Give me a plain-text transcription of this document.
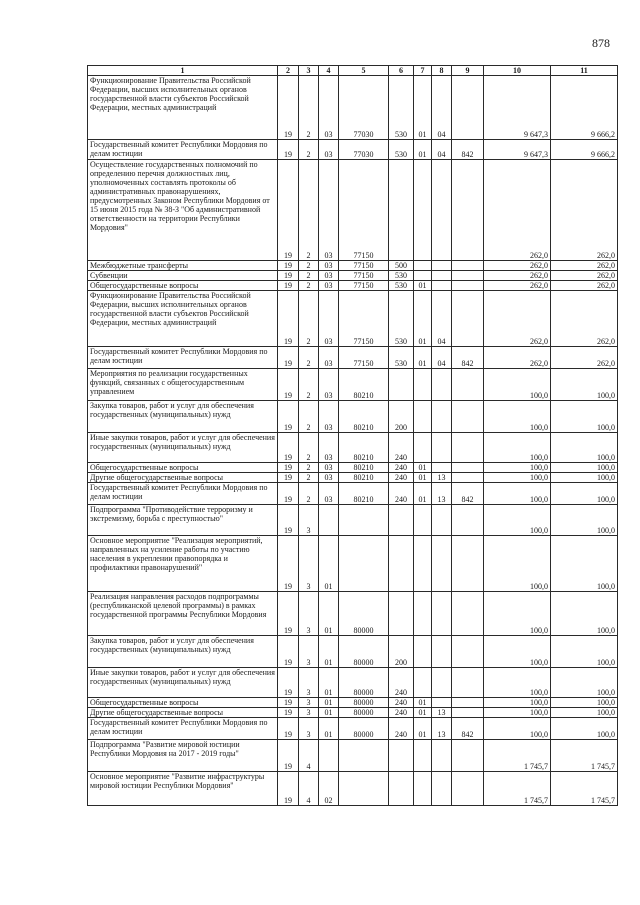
878
1	2	3	4	5	6	7	8	9	10	11
Функционирование Правительства Российской Федерации, высших исполнительных органов государственной власти субъектов Российской Федерации, местных администраций	19	2	03	77030	530	01	04		9 647,3	9 666,2
Государственный комитет Республики Мордовия по делам юстиции	19	2	03	77030	530	01	04	842	9 647,3	9 666,2
Осуществление государственных полномочий по определению перечня должностных лиц, уполномоченных составлять протоколы об административных правонарушениях, предусмотренных Законом Республики Мордовия от 15 июня 2015 года № 38-З "Об административной ответственности на территории Республики Мордовия"	19	2	03	77150					262,0	262,0
Межбюджетные трансферты	19	2	03	77150	500				262,0	262,0
Субвенции	19	2	03	77150	530				262,0	262,0
Общегосударственные вопросы	19	2	03	77150	530	01			262,0	262,0
Функционирование Правительства Российской Федерации, высших исполнительных органов государственной власти субъектов Российской Федерации, местных администраций	19	2	03	77150	530	01	04		262,0	262,0
Государственный комитет Республики Мордовия по делам юстиции	19	2	03	77150	530	01	04	842	262,0	262,0
Мероприятия по реализации государственных функций, связанных с общегосударственным управлением	19	2	03	80210					100,0	100,0
Закупка товаров, работ и услуг для обеспечения государственных (муниципальных) нужд	19	2	03	80210	200				100,0	100,0
Иные закупки товаров, работ и услуг для обеспечения государственных (муниципальных) нужд	19	2	03	80210	240				100,0	100,0
Общегосударственные вопросы	19	2	03	80210	240	01			100,0	100,0
Другие общегосударственные вопросы	19	2	03	80210	240	01	13		100,0	100,0
Государственный комитет Республики Мордовия по делам юстиции	19	2	03	80210	240	01	13	842	100,0	100,0
Подпрограмма "Противодействие терроризму и экстремизму, борьба с преступностью"	19	3							100,0	100,0
Основное мероприятие "Реализация мероприятий, направленных на усиление работы по участию населения в укреплении правопорядка и профилактики правонарушений"	19	3	01						100,0	100,0
Реализация направления расходов подпрограммы (республиканской целевой программы) в рамках государственной программы Республики Мордовия	19	3	01	80000					100,0	100,0
Закупка товаров, работ и услуг для обеспечения государственных (муниципальных) нужд	19	3	01	80000	200				100,0	100,0
Иные закупки товаров, работ и услуг для обеспечения государственных (муниципальных) нужд	19	3	01	80000	240				100,0	100,0
Общегосударственные вопросы	19	3	01	80000	240	01			100,0	100,0
Другие общегосударственные вопросы	19	3	01	80000	240	01	13		100,0	100,0
Государственный комитет Республики Мордовия по делам юстиции	19	3	01	80000	240	01	13	842	100,0	100,0
Подпрограмма "Развитие мировой юстиции Республики Мордовия на 2017 - 2019 годы"	19	4							1 745,7	1 745,7
Основное мероприятие "Развитие инфраструктуры мировой юстиции Республики Мордовия"	19	4	02						1 745,7	1 745,7
